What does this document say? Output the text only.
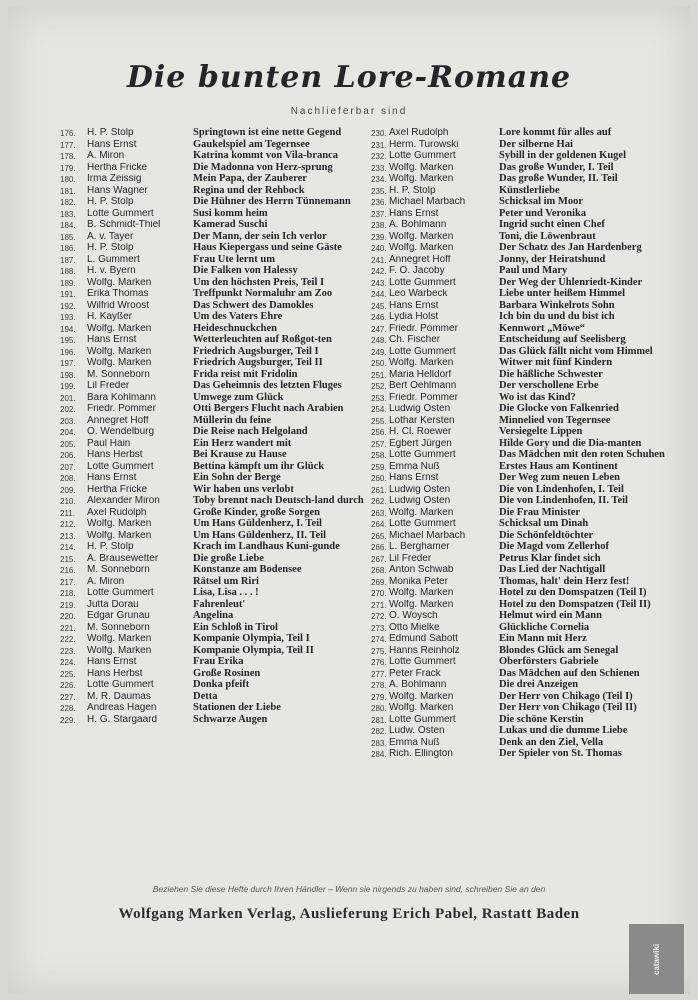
Die bunten Lore-Romane
Nachlieferbar sind
176.	H. P. Stolp	Springtown ist eine nette Gegend
177.	Hans Ernst	Gaukelspiel am Tegernsee
178.	A. Miron	Katrina kommt von Vila-branca
179.	Hertha Fricke	Die Madonna von Herz-sprung
180.	Irma Zeissig	Mein Papa, der Zauberer
181.	Hans Wagner	Regina und der Rehbock
182.	H. P. Stolp	Die Hühner des Herrn Tünnemann
183.	Lotte Gummert	Susi komm heim
184.	B. Schmidt-Thiel	Kamerad Suschi
185.	A. v. Tayer	Der Mann, der sein Ich verlor
186.	H. P. Stolp	Haus Kiepergass und seine Gäste
187.	L. Gummert	Frau Ute lernt um
188.	H. v. Byern	Die Falken von Halessy
189.	Wolfg. Marken	Um den höchsten Preis, Teil I
191.	Erika Thomas	Treffpunkt Normaluhr am Zoo
192.	Wilfrid Wroost	Das Schwert des Damokles
193.	H. Kayßer	Um des Vaters Ehre
194.	Wolfg. Marken	Heideschnuckchen
195.	Hans Ernst	Wetterleuchten auf Roßgot-ten
196.	Wolfg. Marken	Friedrich Augsburger, Teil I
197.	Wolfg. Marken	Friedrich Augsburger, Teil II
198.	M. Sonneborn	Frida reist mit Fridolin
199.	Lil Freder	Das Geheimnis des letzten Fluges
201.	Bara Kohlmann	Umwege zum Glück
202.	Friedr. Pommer	Otti Bergers Flucht nach Arabien
203.	Annegret Hoff	Müllerin du feine
204.	O. Wendelburg	Die Reise nach Helgoland
205.	Paul Hain	Ein Herz wandert mit
206.	Hans Herbst	Bei Krause zu Hause
207.	Lotte Gummert	Bettina kämpft um ihr Glück
208.	Hans Ernst	Ein Sohn der Berge
209.	Hertha Fricke	Wir haben uns verlobt
210.	Alexander Miron	Toby brennt nach Deutsch-land durch
211.	Axel Rudolph	Große Kinder, große Sorgen
212.	Wolfg. Marken	Um Hans Güldenherz, I. Teil
213.	Wolfg. Marken	Um Hans Güldenherz, II. Teil
214.	H. P. Stolp	Krach im Landhaus Kuni-gunde
215.	A. Brausewetter	Die große Liebe
216.	M. Sonneborn	Konstanze am Bodensee
217.	A. Miron	Rätsel um Riri
218.	Lotte Gummert	Lisa, Lisa . . . !
219.	Jutta Dorau	Fahrenleut'
220.	Edgar Grunau	Angelina
221.	M. Sonneborn	Ein Schloß in Tirol
222.	Wolfg. Marken	Kompanie Olympia, Teil I
223.	Wolfg. Marken	Kompanie Olympia, Teil II
224.	Hans Ernst	Frau Erika
225.	Hans Herbst	Große Rosinen
226.	Lotte Gummert	Donka pfeift
227.	M. R. Daumas	Detta
228.	Andreas Hagen	Stationen der Liebe
229.	H. G. Stargaard	Schwarze Augen
230. Axel Rudolph	Lore kommt für alles auf
231. Herm. Turowski	Der silberne Hai
232. Lotte Gummert	Sybill in der goldenen Kugel
233. Wolfg. Marken	Das große Wunder, I. Teil
234. Wolfg. Marken	Das große Wunder, II. Teil
235. H. P. Stolp	Künstlerliebe
236. Michael Marbach	Schicksal im Moor
237. Hans Ernst	Peter und Veronika
238. A. Bohlmann	Ingrid sucht einen Chef
239. Wolfg. Marken	Toni, die Löwenbraut
240. Wolfg. Marken	Der Schatz des Jan Hardenberg
241. Annegret Hoff	Jonny, der Heiratshund
242. F. O. Jacoby	Paul und Mary
243. Lotte Gummert	Der Weg der Uhlenriedt-Kinder
244. Leo Warbeck	Liebe unter heißem Himmel
245. Hans Ernst	Barbara Winkelrots Sohn
246. Lydia Holst	Ich bin du und du bist ich
247. Friedr. Pommer	Kennwort „Möwe“
248. Ch. Fischer	Entscheidung auf Seelisberg
249. Lotte Gummert	Das Glück fällt nicht vom Himmel
250. Wolfg. Marken	Witwer mit fünf Kindern
251. Maria Helldorf	Die häßliche Schwester
252. Bert Oehlmann	Der verschollene Erbe
253. Friedr. Pommer	Wo ist das Kind?
254. Ludwig Osten	Die Glocke von Falkenried
255. Lothar Kersten	Minnelied von Tegernsee
256. H. Cl. Roewer	Versiegelte Lippen
257. Egbert Jürgen	Hilde Gory und die Dia-manten
258. Lotte Gummert	Das Mädchen mit den roten Schuhen
259. Emma Nuß	Erstes Haus am Kontinent
260. Hans Ernst	Der Weg zum neuen Leben
261. Ludwig Osten	Die von Lindenhofen, I. Teil
262. Ludwig Osten	Die von Lindenhofen, II. Teil
263. Wolfg. Marken	Die Frau Minister
264. Lotte Gummert	Schicksal um Dinah
265. Michael Marbach	Die Schönfeldtöchter
266. L. Berghamer	Die Magd vom Zellerhof
267. Lil Freder	Petrus Klar findet sich
268. Anton Schwab	Das Lied der Nachtigall
269. Monika Peter	Thomas, halt' dein Herz fest!
270. Wolfg. Marken	Hotel zu den Domspatzen (Teil I)
271. Wolfg. Marken	Hotel zu den Domspatzen (Teil II)
272. O. Woysch	Helmut wird ein Mann
273. Otto Mielke	Glückliche Cornelia
274. Edmund Sabott	Ein Mann mit Herz
275. Hanns Reinholz	Blondes Glück am Senegal
276. Lotte Gummert	Oberförsters Gabriele
277. Peter Frack	Das Mädchen auf den Schienen
278. A. Bohlmann	Die drei Anzeigen
279. Wolfg. Marken	Der Herr von Chikago (Teil I)
280. Wolfg. Marken	Der Herr von Chikago (Teil II)
281. Lotte Gummert	Die schöne Kerstin
282. Ludw. Osten	Lukas und die dumme Liebe
283. Emma Nuß	Denk an den Ziel, Vella
284. Rich. Ellington	Der Spieler von St. Thomas
Beziehen Sie diese Hefte durch Ihren Händler – Wenn sie nirgends zu haben sind, schreiben Sie an den
Wolfgang Marken Verlag, Auslieferung Erich Pabel, Rastatt Baden
catawiki
